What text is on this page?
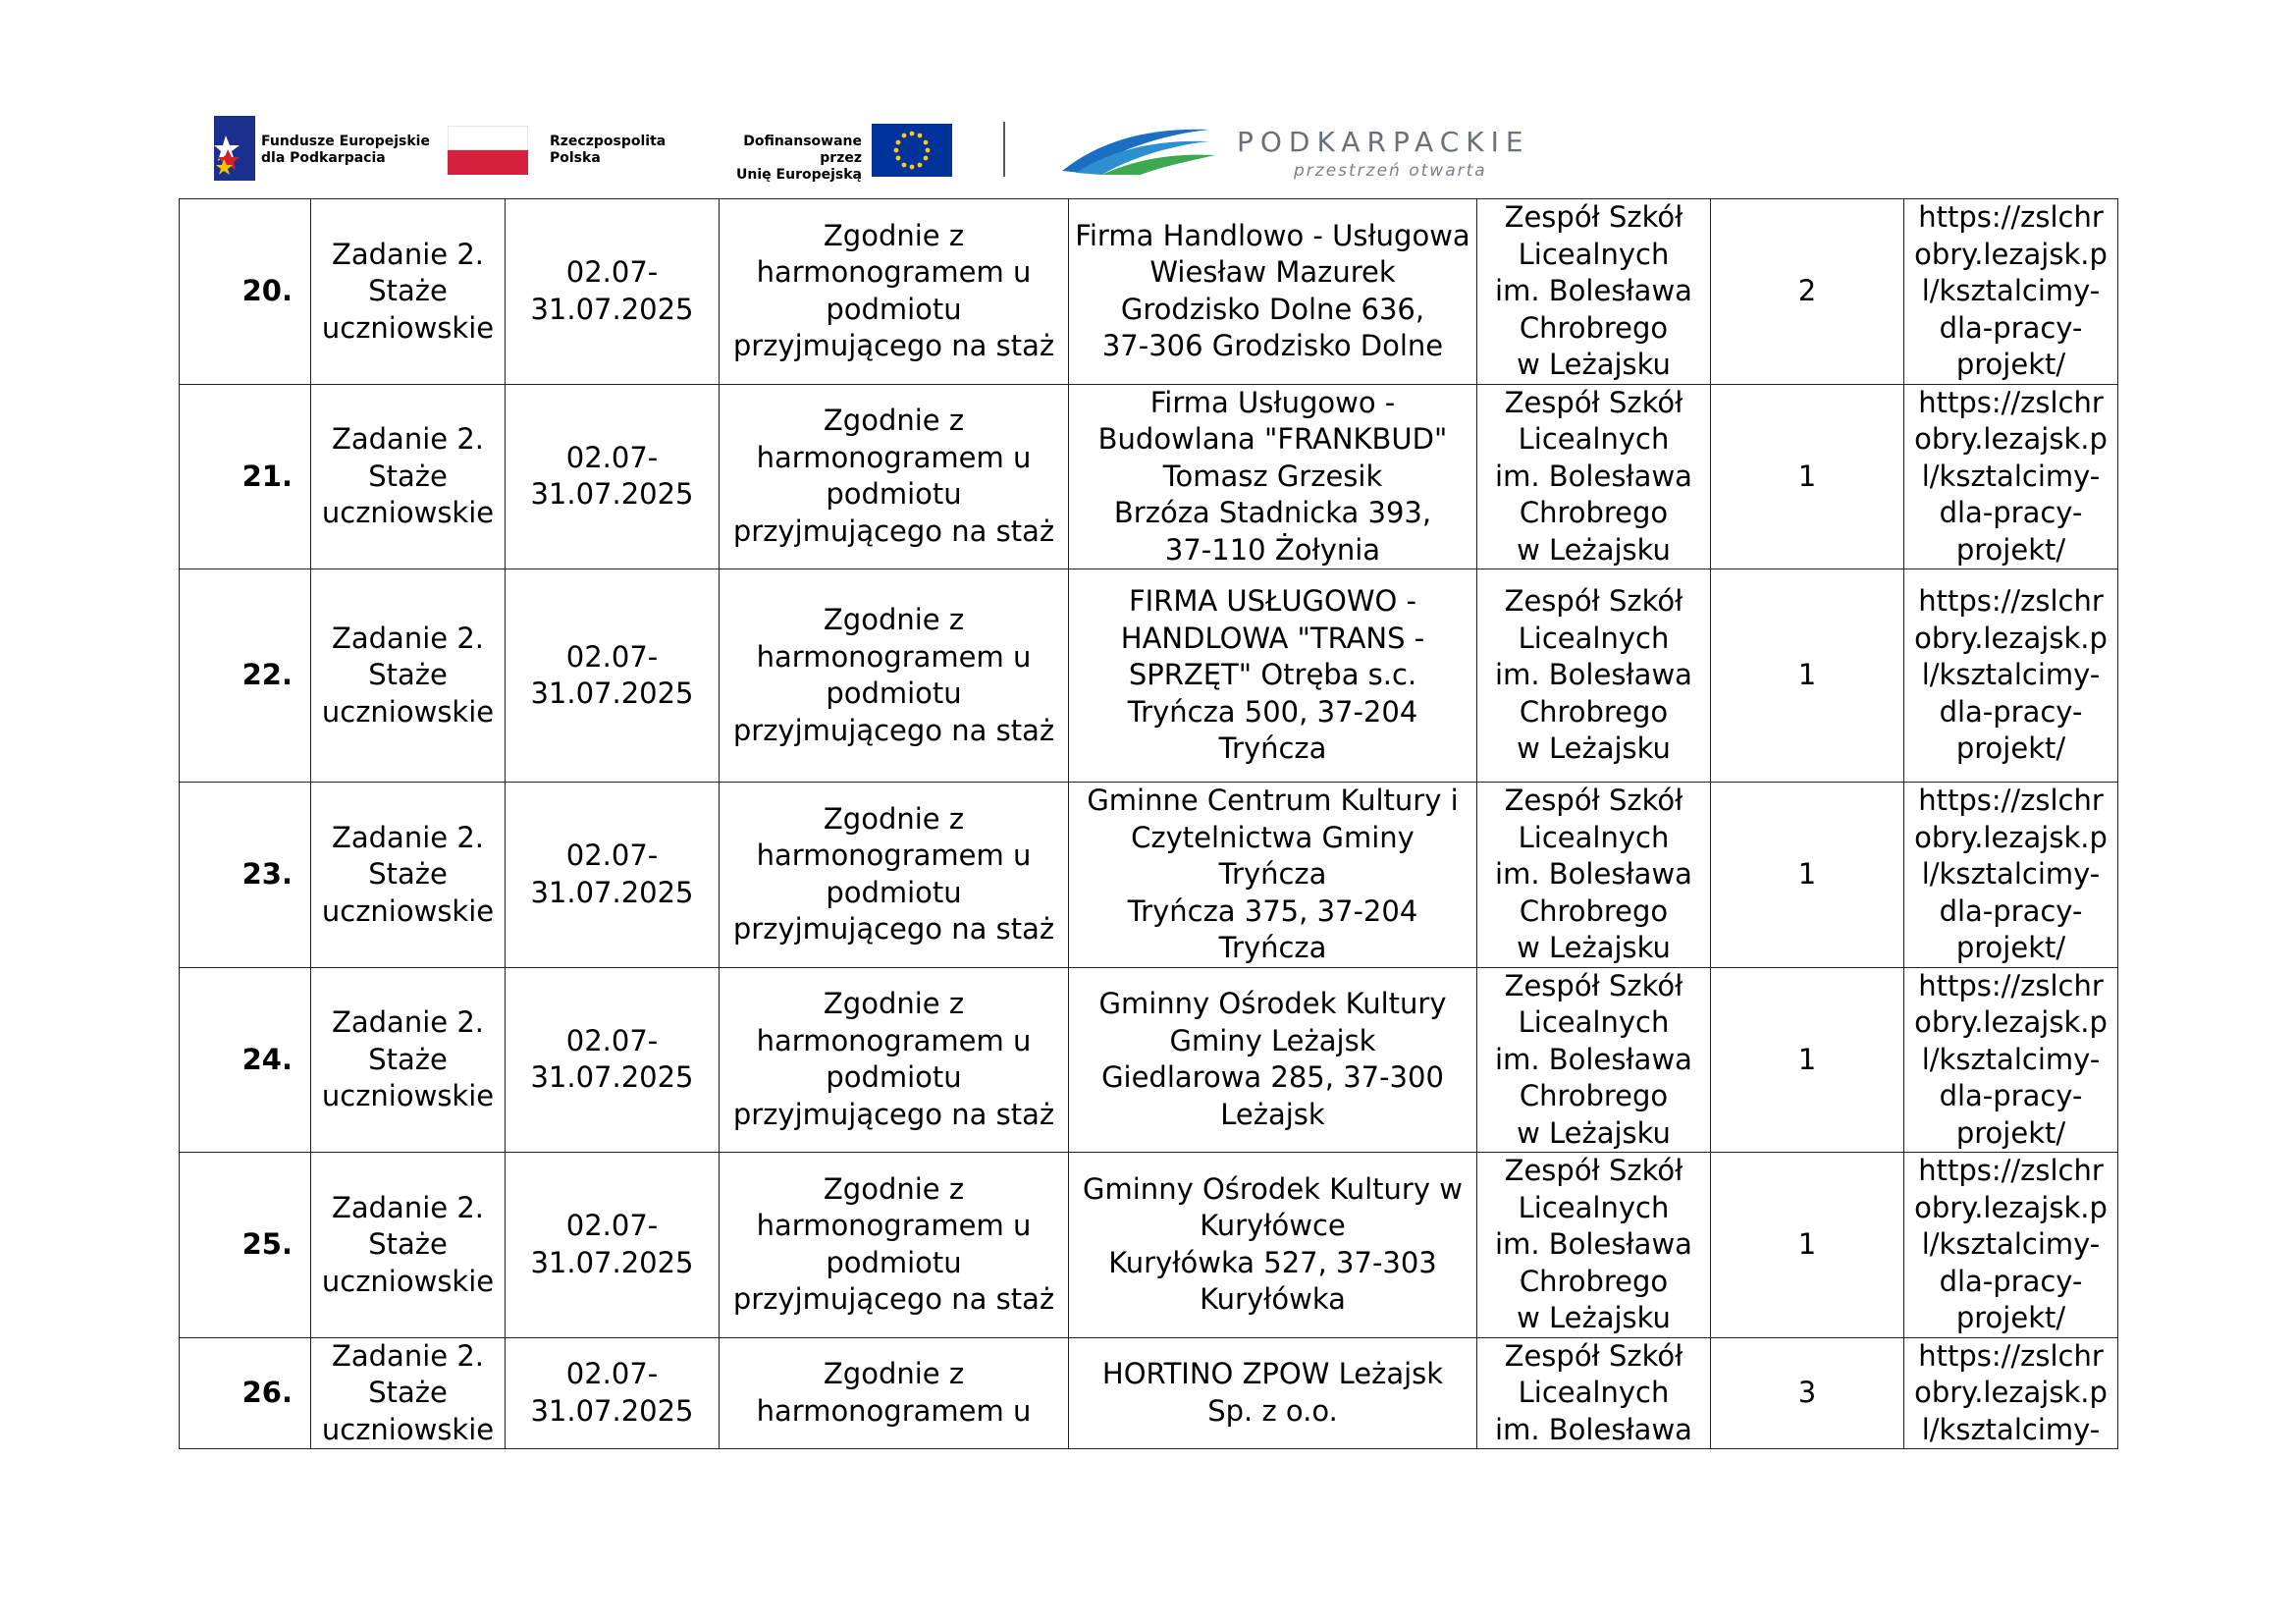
Fundusze Europejskie
dla Podkarpacia
Rzeczpospolita
Polska
Dofinansowane przez
Unię Europejską
PODKARPACKIE
przestrzeń otwarta
20.	Zadanie 2.
Staże
uczniowskie	02.07-
31.07.2025	Zgodnie z
harmonogramem u
podmiotu
przyjmującego na staż	Firma Handlowo - Usługowa
Wiesław Mazurek
Grodzisko Dolne 636,
37-306 Grodzisko Dolne	Zespół Szkół
Licealnych
im. Bolesława
Chrobrego
w Leżajsku	2	https://zslchr
obry.lezajsk.p
l/ksztalcimy-
dla-pracy-
projekt/

21.	Zadanie 2.
Staże
uczniowskie	02.07-
31.07.2025	Zgodnie z
harmonogramem u
podmiotu
przyjmującego na staż	Firma Usługowo -
Budowlana "FRANKBUD"
Tomasz Grzesik
Brzóza Stadnicka 393,
37-110 Żołynia	Zespół Szkół
Licealnych
im. Bolesława
Chrobrego
w Leżajsku	1	https://zslchr
obry.lezajsk.p
l/ksztalcimy-
dla-pracy-
projekt/

22.	Zadanie 2.
Staże
uczniowskie	02.07-
31.07.2025	Zgodnie z
harmonogramem u
podmiotu
przyjmującego na staż	FIRMA USŁUGOWO -
HANDLOWA "TRANS -
SPRZĘT" Otręba s.c.
Tryńcza 500, 37-204
Tryńcza	Zespół Szkół
Licealnych
im. Bolesława
Chrobrego
w Leżajsku	1	https://zslchr
obry.lezajsk.p
l/ksztalcimy-
dla-pracy-
projekt/

23.	Zadanie 2.
Staże
uczniowskie	02.07-
31.07.2025	Zgodnie z
harmonogramem u
podmiotu
przyjmującego na staż	Gminne Centrum Kultury i
Czytelnictwa Gminy Tryńcza
Tryńcza 375, 37-204
Tryńcza	Zespół Szkół
Licealnych
im. Bolesława
Chrobrego
w Leżajsku	1	https://zslchr
obry.lezajsk.p
l/ksztalcimy-
dla-pracy-
projekt/

24.	Zadanie 2.
Staże
uczniowskie	02.07-
31.07.2025	Zgodnie z
harmonogramem u
podmiotu
przyjmującego na staż	Gminny Ośrodek Kultury
Gminy Leżajsk
Giedlarowa 285, 37-300
Leżajsk	Zespół Szkół
Licealnych
im. Bolesława
Chrobrego
w Leżajsku	1	https://zslchr
obry.lezajsk.p
l/ksztalcimy-
dla-pracy-
projekt/

25.	Zadanie 2.
Staże
uczniowskie	02.07-
31.07.2025	Zgodnie z
harmonogramem u
podmiotu
przyjmującego na staż	Gminny Ośrodek Kultury w
Kuryłówce
Kuryłówka 527, 37-303
Kuryłówka	Zespół Szkół
Licealnych
im. Bolesława
Chrobrego
w Leżajsku	1	https://zslchr
obry.lezajsk.p
l/ksztalcimy-
dla-pracy-
projekt/

26.	Zadanie 2.
Staże
uczniowskie	02.07-
31.07.2025	Zgodnie z
harmonogramem u	HORTINO ZPOW Leżajsk
Sp. z o.o.	Zespół Szkół
Licealnych
im. Bolesława	3	https://zslchr
obry.lezajsk.p
l/ksztalcimy-
